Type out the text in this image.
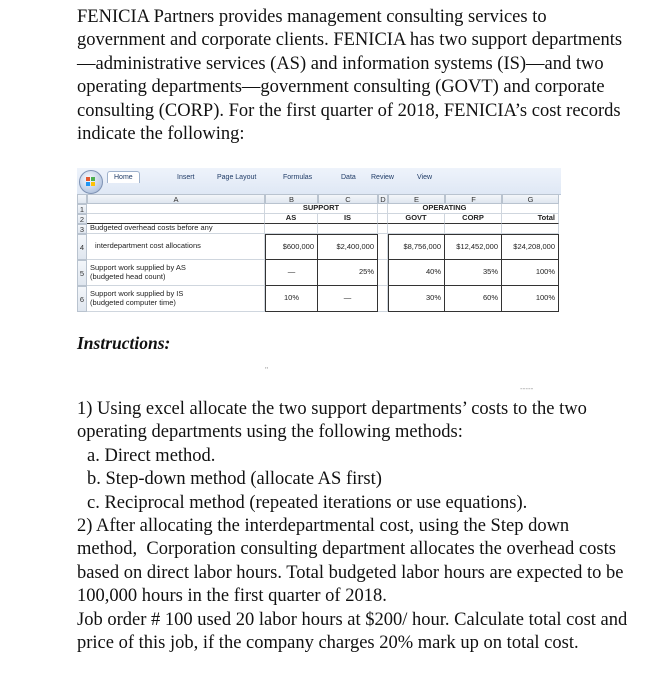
FENICIA Partners provides management consulting services to government and corporate clients. FENICIA has two support departments—administrative services (AS) and information systems (IS)—and two operating departments—government consulting (GOVT) and corporate consulting (CORP). For the first quarter of 2018, FENICIA’s cost records indicate the following:

Home	Insert	Page Layout	Formulas	Data Review	View
A	B	C	D	E	F	G
1
2
3
4
5
6
SUPPORT	OPERATING
AS	IS	GOVT	CORP	Total
Budgeted overhead costs before any
interdepartment cost allocations	$600,000	$2,400,000	$8,756,000	$12,452,000	$24,208,000
Support work supplied by AS
(budgeted head count)	—	25%	40%	35%	100%
Support work supplied by IS
(budgeted computer time)	10%	—	30%	60%	100%
Instructions:
''
-----

1) Using excel allocate the two support departments’ costs to the two operating departments using the following methods:

a. Direct method.

b. Step-down method (allocate AS first)

c. Reciprocal method (repeated iterations or use equations).

2) After allocating the interdepartmental cost, using the Step down method,  Corporation consulting department allocates the overhead costs based on direct labor hours. Total budgeted labor hours are expected to be 100,000 hours in the first quarter of 2018.

Job order # 100 used 20 labor hours at $200/ hour. Calculate total cost and price of this job, if the company charges 20% mark up on total cost.
